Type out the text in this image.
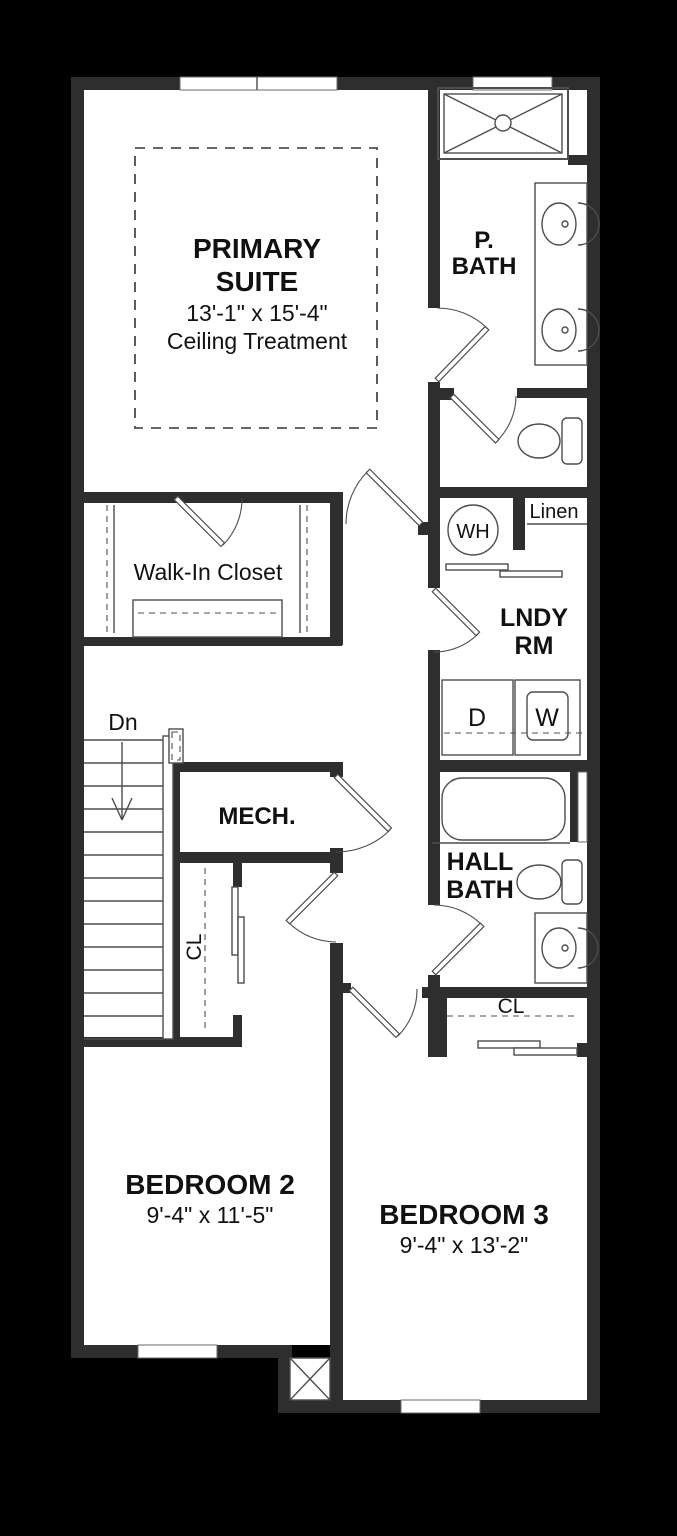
PRIMARY
SUITE
13'-1" x 15'-4"
Ceiling Treatment
P.
BATH
Walk-In Closet
WH
Linen
LNDY
RM
D W
Dn
MECH.
CL
HALL
BATH
CL
BEDROOM 2
9'-4" x 11'-5"	BEDROOM 3
9'-4" x 13'-2"
